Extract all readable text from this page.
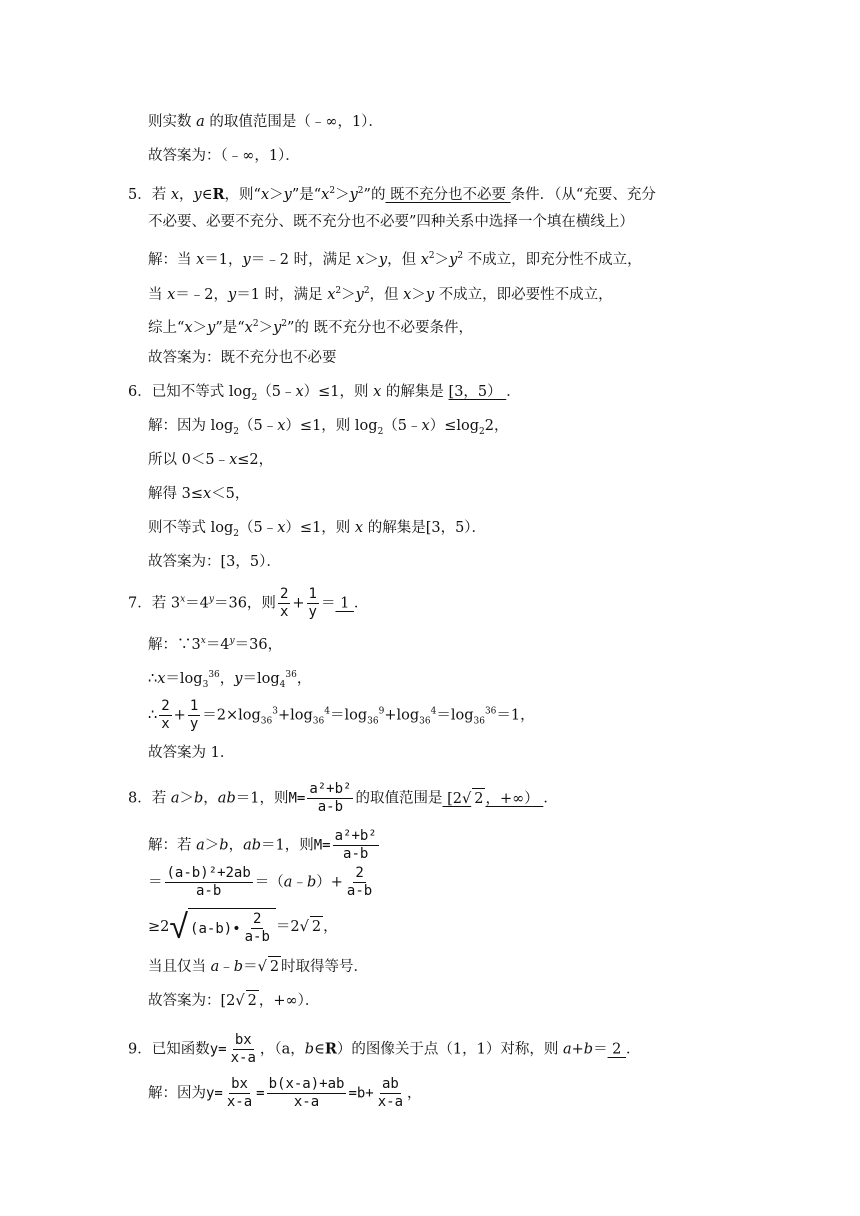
则实数 a 的取值范围是（﹣∞，1）．
故答案为：（﹣∞，1）．
5．若 x，y∈R，则“x＞y”是“$x^2>y^2$”的 既不充分也不必要 条件．（从“充要、充分
不必要、必要不充分、既不充分也不必要”四种关系中选择一个填在横线上）
解：当 x＝1，y＝﹣2 时，满足 x＞y，但 $x^2>y^2$ 不成立，即充分性不成立，
当 x＝﹣2，y＝1 时，满足 $x^2>y^2$，但 x＞y 不成立，即必要性不成立，
综上“x＞y”是“$x^2>y^2$”的 既不充分也不必要条件，
故答案为：既不充分也不必要
6．已知不等式 $\log_2(5﹣x)\le 1$，则 x 的解集是 [3，5） ．
解：因为 $\log_2(5﹣x)\le 1$，则 $\log_2(5﹣x)\le\log_22$，
所以 0＜5﹣x≤2，
解得 3≤x＜5，
则不等式 $\log_2(5﹣x)\le 1$，则 x 的解集是[3，5）．
故答案为：[3，5）．
7．若 $3^x=4^y=36$，则 $\frac{2}{x} + \frac{1}{y} = 1$ ．
解：$\because 3^x=4^y=36$，
$\therefore x=\log_3^{36}$，$y=\log_4^{36}$，
∴ $\frac{2}{x} + \frac{1}{y} =2\times\log_{36}^3+\log_{36}^4=\log_{36}^9+\log_{36}^4=\log_{36}^{36}=1$，
故答案为 1．
8．若 a＞b，ab＝1，则$M= \frac{\text{a²+b²}}{a-b}$ 的取值范围是 [2√ 2 ，+∞） ．
解：若 a＞b，ab＝1，则$M= \frac{\text{a²+b²}}{a-b}$
＝ $\frac{\text{(a-b)²+2ab}}{a-b}$ ＝（a﹣b）+ $\frac{2}{a-b}$
≥2 √ (a-b)• $\frac{2}{a-b} =2√$ 2 ，
当且仅当 a﹣b＝√ 2 时取得等号．
故答案为：[2√ 2 ，+∞）．
9．已知函数$y= \frac{bx}{x-a}$ ，（a，b∈R）的图像关于点（1，1）对称，则 a+b＝ 2 ．
解：因为$y= \frac{bx}{x-a} = \frac{b(x-a)+ab}{x-a} =b+ \frac{ab}{x-a}$ ，
